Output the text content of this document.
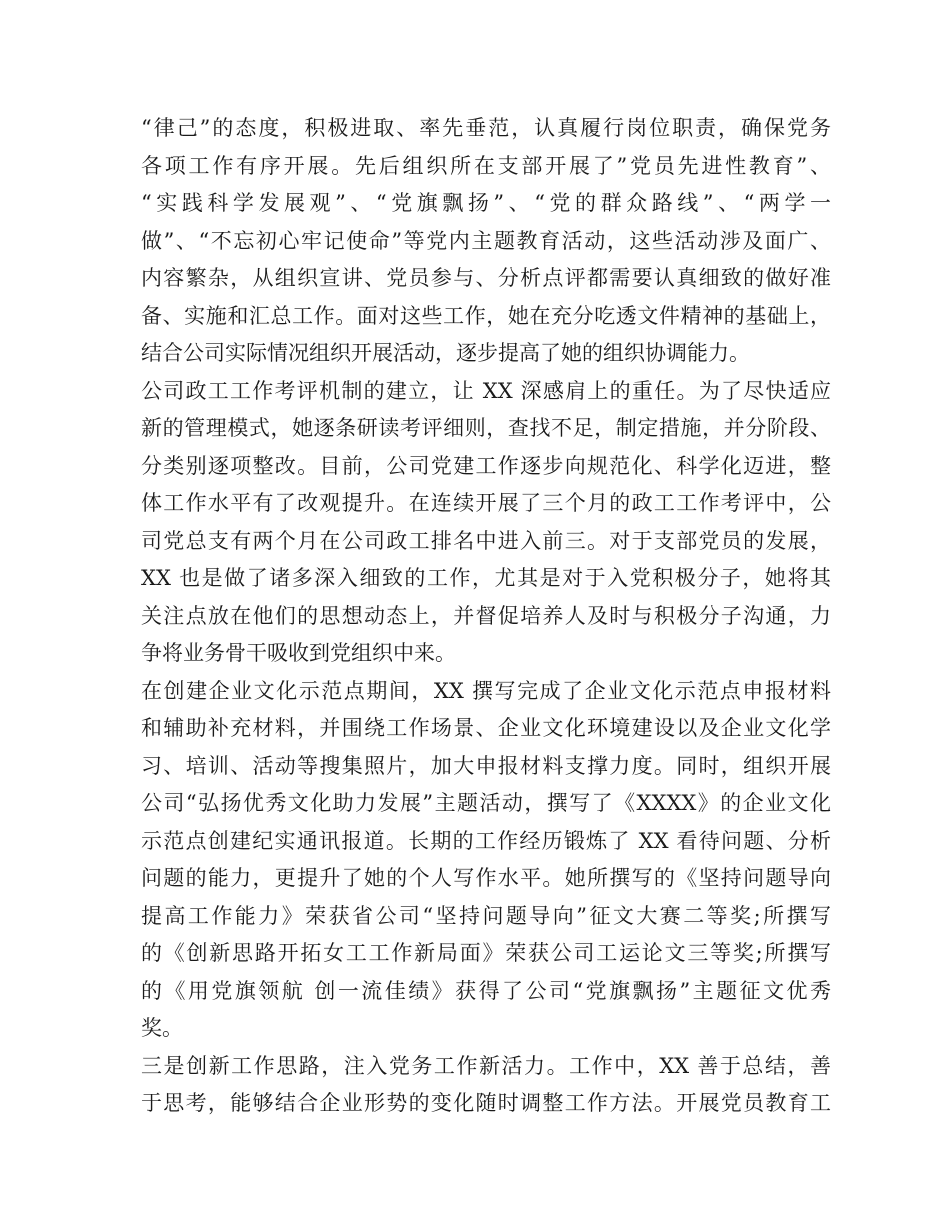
“律己”的态度，积极进取、率先垂范，认真履行岗位职责，确保党务
各项工作有序开展。先后组织所在支部开展了”党员先进性教育”、
“实践科学发展观”、“党旗飘扬”、“党的群众路线”、“两学一
做”、“不忘初心牢记使命”等党内主题教育活动，这些活动涉及面广、
内容繁杂，从组织宣讲、党员参与、分析点评都需要认真细致的做好准
备、实施和汇总工作。面对这些工作，她在充分吃透文件精神的基础上，
结合公司实际情况组织开展活动，逐步提高了她的组织协调能力。
公司政工工作考评机制的建立，让 XX 深感肩上的重任。为了尽快适应
新的管理模式，她逐条研读考评细则，查找不足，制定措施，并分阶段、
分类别逐项整改。目前，公司党建工作逐步向规范化、科学化迈进，整
体工作水平有了改观提升。在连续开展了三个月的政工工作考评中，公
司党总支有两个月在公司政工排名中进入前三。对于支部党员的发展，
XX 也是做了诸多深入细致的工作，尤其是对于入党积极分子，她将其
关注点放在他们的思想动态上，并督促培养人及时与积极分子沟通，力
争将业务骨干吸收到党组织中来。
在创建企业文化示范点期间，XX 撰写完成了企业文化示范点申报材料
和辅助补充材料，并围绕工作场景、企业文化环境建设以及企业文化学
习、培训、活动等搜集照片，加大申报材料支撑力度。同时，组织开展
公司“弘扬优秀文化助力发展”主题活动，撰写了《XXXX》的企业文化
示范点创建纪实通讯报道。长期的工作经历锻炼了 XX 看待问题、分析
问题的能力，更提升了她的个人写作水平。她所撰写的《坚持问题导向
提高工作能力》荣获省公司“坚持问题导向”征文大赛二等奖;所撰写
的《创新思路开拓女工工作新局面》荣获公司工运论文三等奖;所撰写
的《用党旗领航 创一流佳绩》获得了公司“党旗飘扬”主题征文优秀
奖。
三是创新工作思路，注入党务工作新活力。工作中，XX 善于总结，善
于思考，能够结合企业形势的变化随时调整工作方法。开展党员教育工
